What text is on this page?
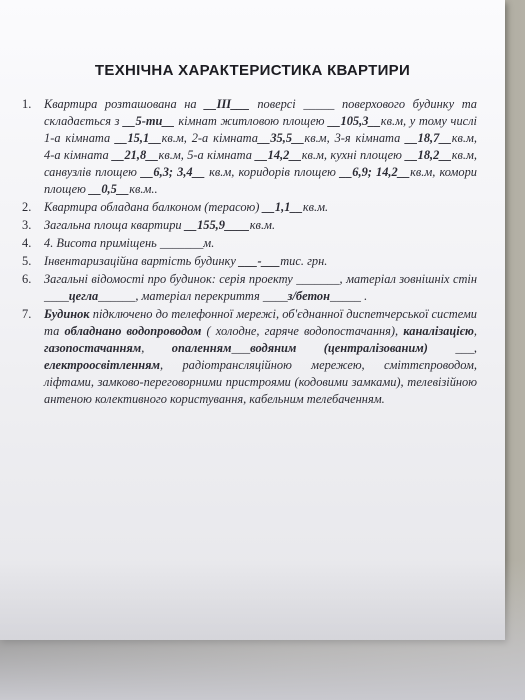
ТЕХНІЧНА ХАРАКТЕРИСТИКА КВАРТИРИ
1. Квартира розташована на __III___ поверсі _____ поверхового будинку та складається з __5-ти__ кімнат житловою площею __105,3__кв.м, у тому числі 1-а кімната __15,1__кв.м, 2-а кімната__35,5__кв.м, 3-я кімната __18,7__кв.м, 4-а кімната __21,8__кв.м, 5-а кімната __14,2__кв.м, кухні площею __18,2__кв.м, санвузлів площею __6,3; 3,4__ кв.м, коридорів площею __6,9; 14,2__кв.м, комори площею __0,5__кв.м..
2. Квартира обладана балконом (терасою) __1,1__кв.м.
3. Загальна площа квартири __155,9____кв.м.
4. 4. Висота приміщень _______м.
5. Інвентаризаційна вартість будинку ___-___тис. грн.
6. Загальні відомості про будинок: серія проекту _______, матеріал зовнішніх стін ____цегла______, матеріал перекриття ____з/бетон_____ .
7. Будинок підключено до телефонної мережі, об'єднанної диспетчерської системи та обладнано водопроводом ( холодне, гаряче водопостачання), каналізацією, газопостачанням, опаленням___водяним (централізованим) ___, електроосвітленням, радіотрансляційною мережею, сміттєпроводом, ліфтами, замково-переговорними пристроями (кодовими замками), телевізійною антеною колективного користування, кабельним телебаченням.
